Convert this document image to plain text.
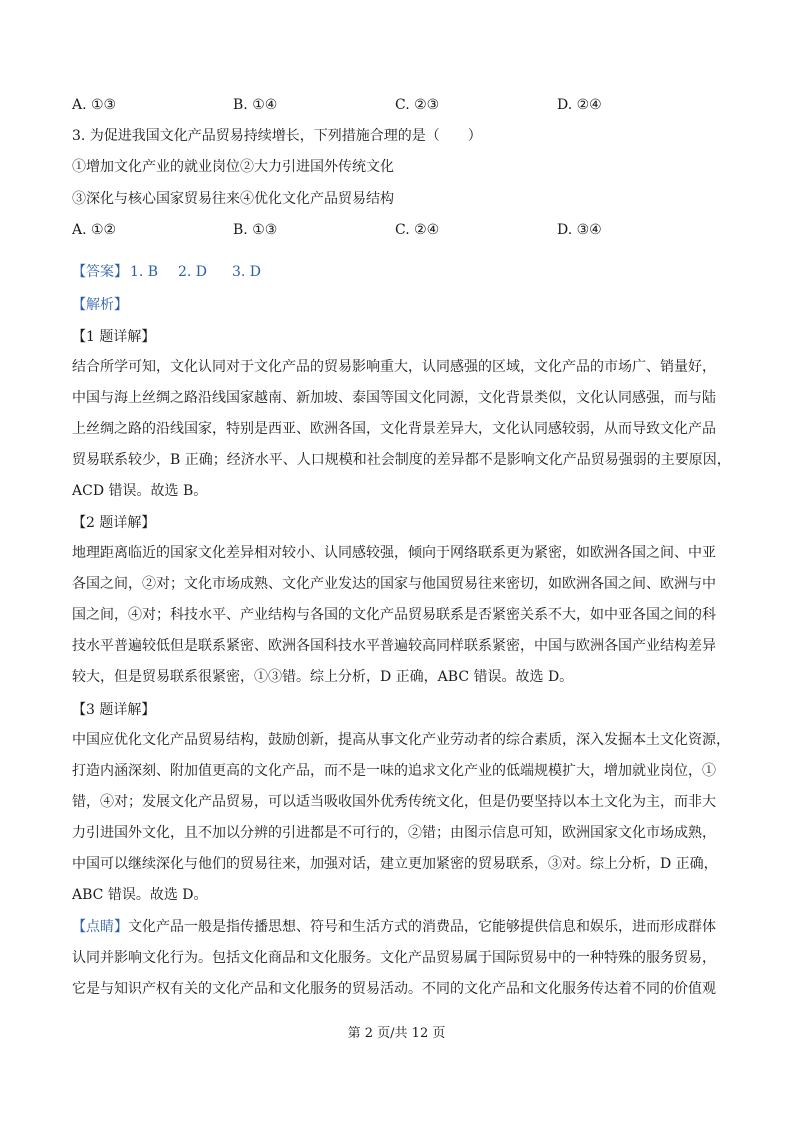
A. ①③	B. ①④	C. ②③	D. ②④
3. 为促进我国文化产品贸易持续增长，下列措施合理的是（　　）
①增加文化产业的就业岗位②大力引进国外传统文化
③深化与核心国家贸易往来④优化文化产品贸易结构
A. ①②	B. ①③	C. ②④	D. ③④
【答案】 1. B 2. D 3. D
【解析】
【1 题详解】
结合所学可知，文化认同对于文化产品的贸易影响重大，认同感强的区域，文化产品的市场广、销量好，
中国与海上丝绸之路沿线国家越南、新加坡、泰国等国文化同源，文化背景类似，文化认同感强，而与陆
上丝绸之路的沿线国家，特别是西亚、欧洲各国，文化背景差异大，文化认同感较弱，从而导致文化产品
贸易联系较少，B 正确；经济水平、人口规模和社会制度的差异都不是影响文化产品贸易强弱的主要原因，
ACD 错误。故选 B。
【2 题详解】
地理距离临近的国家文化差异相对较小、认同感较强，倾向于网络联系更为紧密，如欧洲各国之间、中亚
各国之间，②对；文化市场成熟、文化产业发达的国家与他国贸易往来密切，如欧洲各国之间、欧洲与中
国之间，④对；科技水平、产业结构与各国的文化产品贸易联系是否紧密关系不大，如中亚各国之间的科
技水平普遍较低但是联系紧密、欧洲各国科技水平普遍较高同样联系紧密，中国与欧洲各国产业结构差异
较大，但是贸易联系很紧密，①③错。综上分析，D 正确，ABC 错误。故选 D。
【3 题详解】
中国应优化文化产品贸易结构，鼓励创新，提高从事文化产业劳动者的综合素质，深入发掘本土文化资源，
打造内涵深刻、附加值更高的文化产品，而不是一味的追求文化产业的低端规模扩大，增加就业岗位，①
错，④对；发展文化产品贸易，可以适当吸收国外优秀传统文化，但是仍要坚持以本土文化为主，而非大
力引进国外文化，且不加以分辨的引进都是不可行的，②错；由图示信息可知，欧洲国家文化市场成熟，
中国可以继续深化与他们的贸易往来，加强对话，建立更加紧密的贸易联系，③对。综上分析，D 正确，
ABC 错误。故选 D。
【点睛】文化产品一般是指传播思想、符号和生活方式的消费品，它能够提供信息和娱乐，进而形成群体
认同并影响文化行为。包括文化商品和文化服务。文化产品贸易属于国际贸易中的一种特殊的服务贸易，
它是与知识产权有关的文化产品和文化服务的贸易活动。不同的文化产品和文化服务传达着不同的价值观
第 2 页/共 12 页
